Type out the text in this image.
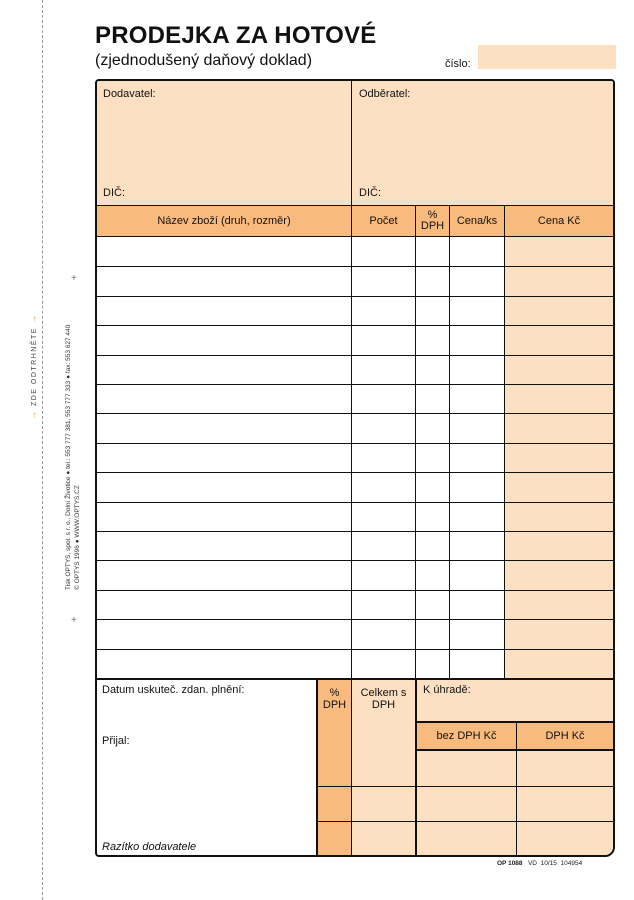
→ ZDE ODTRHNĚTE →
Tisk OPTYS, spol. s r. o., Dolní Životice ● tel.: 553 777 381, 553 777 333 ● fax: 553 627 440 © OPTYS 1996 ● WWW.OPTYS.CZ
+
+
PRODEJKA ZA HOTOVÉ
(zjednodušený daňový doklad)	číslo:
Dodavatel:	Odběratel:
DIČ:	DIČ:
Název zboží (druh, rozměr)	Počet	% DPH	Cena/ks	Cena Kč
Datum uskuteč. zdan. plnění:
Přijal:
Razítko dodavatele
% DPH
Celkem s DPH
K úhradě:
bez DPH Kč	DPH Kč
OP 1088 VD 10/15 104954
